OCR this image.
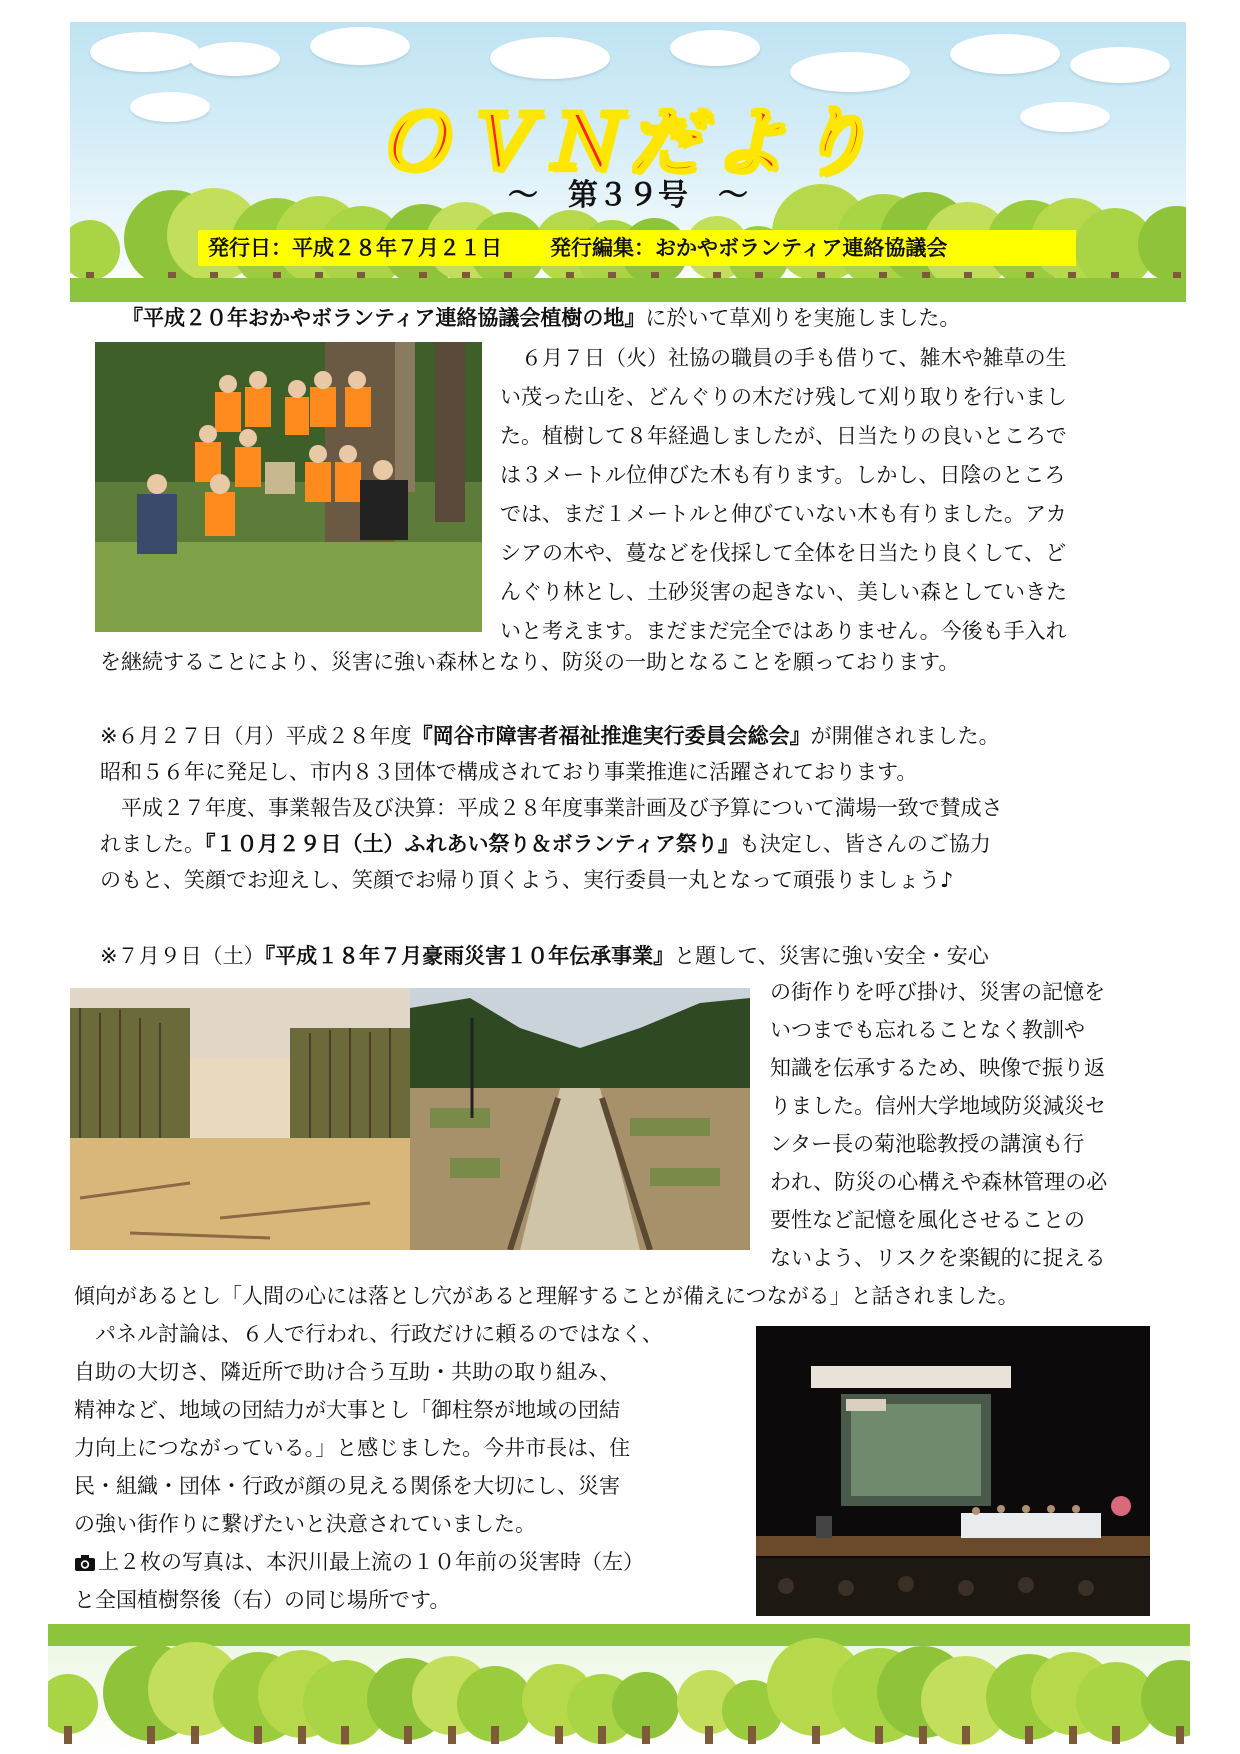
ＯＶＮだより
～　第３９号　～
発行日：平成２８年７月２１日 発行編集：おかやボランティア連絡協議会
『平成２０年おかやボランティア連絡協議会植樹の地』に於いて草刈りを実施しました。
　６月７日（火）社協の職員の手も借りて、雑木や雑草の生
い茂った山を、どんぐりの木だけ残して刈り取りを行いまし
た。植樹して８年経過しましたが、日当たりの良いところで
は３メートル位伸びた木も有ります。しかし、日陰のところ
では、まだ１メートルと伸びていない木も有りました。アカ
シアの木や、蔓などを伐採して全体を日当たり良くして、ど
んぐり林とし、土砂災害の起きない、美しい森としていきた
いと考えます。まだまだ完全ではありません。今後も手入れ
を継続することにより、災害に強い森林となり、防災の一助となることを願っております。
※６月２７日（月）平成２８年度『岡谷市障害者福祉推進実行委員会総会』が開催されました。
昭和５６年に発足し、市内８３団体で構成されており事業推進に活躍されております。
　平成２７年度、事業報告及び決算：平成２８年度事業計画及び予算について満場一致で賛成さ
れました。『１０月２９日（土）ふれあい祭り＆ボランティア祭り』も決定し、皆さんのご協力
のもと、笑顔でお迎えし、笑顔でお帰り頂くよう、実行委員一丸となって頑張りましょう♪
※７月９日（土）『平成１８年７月豪雨災害１０年伝承事業』と題して、災害に強い安全・安心
の街作りを呼び掛け、災害の記憶を
いつまでも忘れることなく教訓や
知識を伝承するため、映像で振り返
りました。信州大学地域防災減災セ
ンター長の菊池聡教授の講演も行
われ、防災の心構えや森林管理の必
要性など記憶を風化させることの
ないよう、リスクを楽観的に捉える
傾向があるとし「人間の心には落とし穴があると理解することが備えにつながる」と話されました。
　パネル討論は、６人で行われ、行政だけに頼るのではなく、
自助の大切さ、隣近所で助け合う互助・共助の取り組み、
精神など、地域の団結力が大事とし「御柱祭が地域の団結
力向上につながっている。」と感じました。今井市長は、住
民・組織・団体・行政が顔の見える関係を大切にし、災害
の強い街作りに繋げたいと決意されていました。
上２枚の写真は、本沢川最上流の１０年前の災害時（左）
と全国植樹祭後（右）の同じ場所です。
